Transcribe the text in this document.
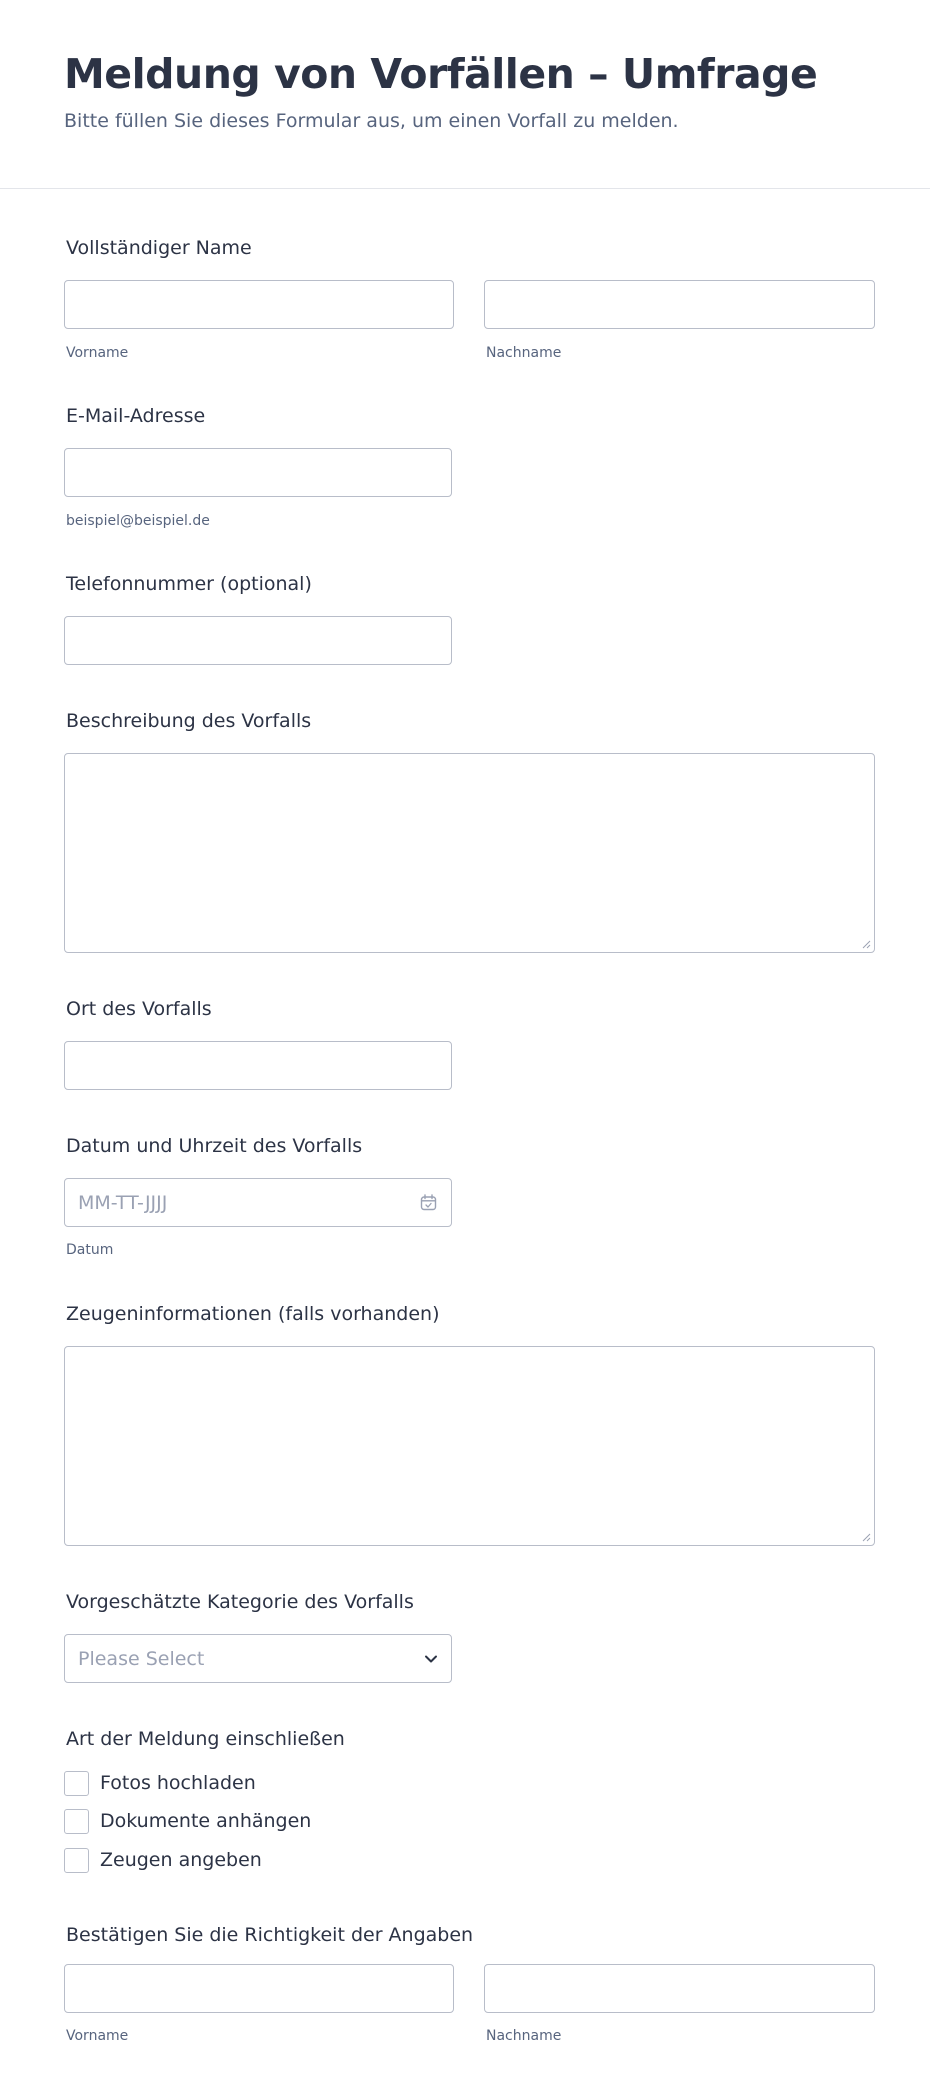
Meldung von Vorfällen – Umfrage
Bitte füllen Sie dieses Formular aus, um einen Vorfall zu melden.
Vollständiger Name
Vorname	Nachname
E-Mail-Adresse
beispiel@beispiel.de
Telefonnummer (optional)
Beschreibung des Vorfalls
Ort des Vorfalls
Datum und Uhrzeit des Vorfalls
MM-TT-JJJJ
Datum
Zeugeninformationen (falls vorhanden)
Vorgeschätzte Kategorie des Vorfalls
Please Select
Art der Meldung einschließen
Fotos hochladen
Dokumente anhängen
Zeugen angeben
Bestätigen Sie die Richtigkeit der Angaben
Vorname	Nachname
